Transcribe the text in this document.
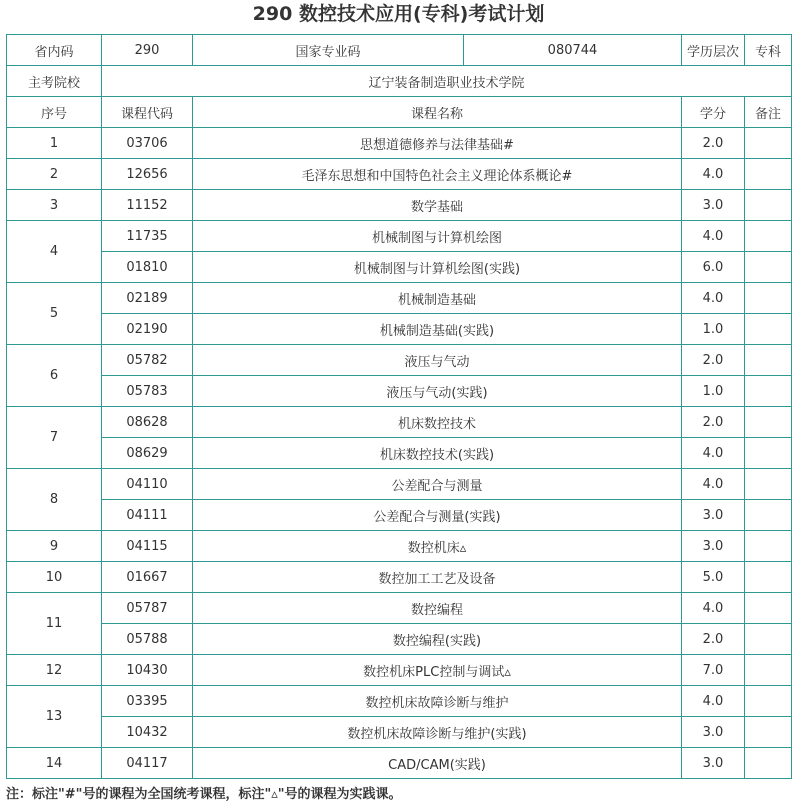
290 数控技术应用(专科)考试计划
省内码	290	国家专业码	080744	学历层次	专科
主考院校	辽宁装备制造职业技术学院				
序号	课程代码	课程名称		学分	备注
1	03706	思想道德修养与法律基础#		2.0	
2	12656	毛泽东思想和中国特色社会主义理论体系概论#		4.0	
3	11152	数学基础		3.0	
4	11735	机械制图与计算机绘图		4.0	
	01810	机械制图与计算机绘图(实践)		6.0	
5	02189	机械制造基础		4.0	
	02190	机械制造基础(实践)		1.0	
6	05782	液压与气动		2.0	
	05783	液压与气动(实践)		1.0	
7	08628	机床数控技术		2.0	
	08629	机床数控技术(实践)		4.0	
8	04110	公差配合与测量		4.0	
	04111	公差配合与测量(实践)		3.0	
9	04115	数控机床▵		3.0	
10	01667	数控加工工艺及设备		5.0	
11	05787	数控编程		4.0	
	05788	数控编程(实践)		2.0	
12	10430	数控机床PLC控制与调试▵		7.0	
13	03395	数控机床故障诊断与维护		4.0	
	10432	数控机床故障诊断与维护(实践)		3.0	
14	04117	CAD/CAM(实践)		3.0	
注：标注"#"号的课程为全国统考课程，标注"▵"号的课程为实践课。
